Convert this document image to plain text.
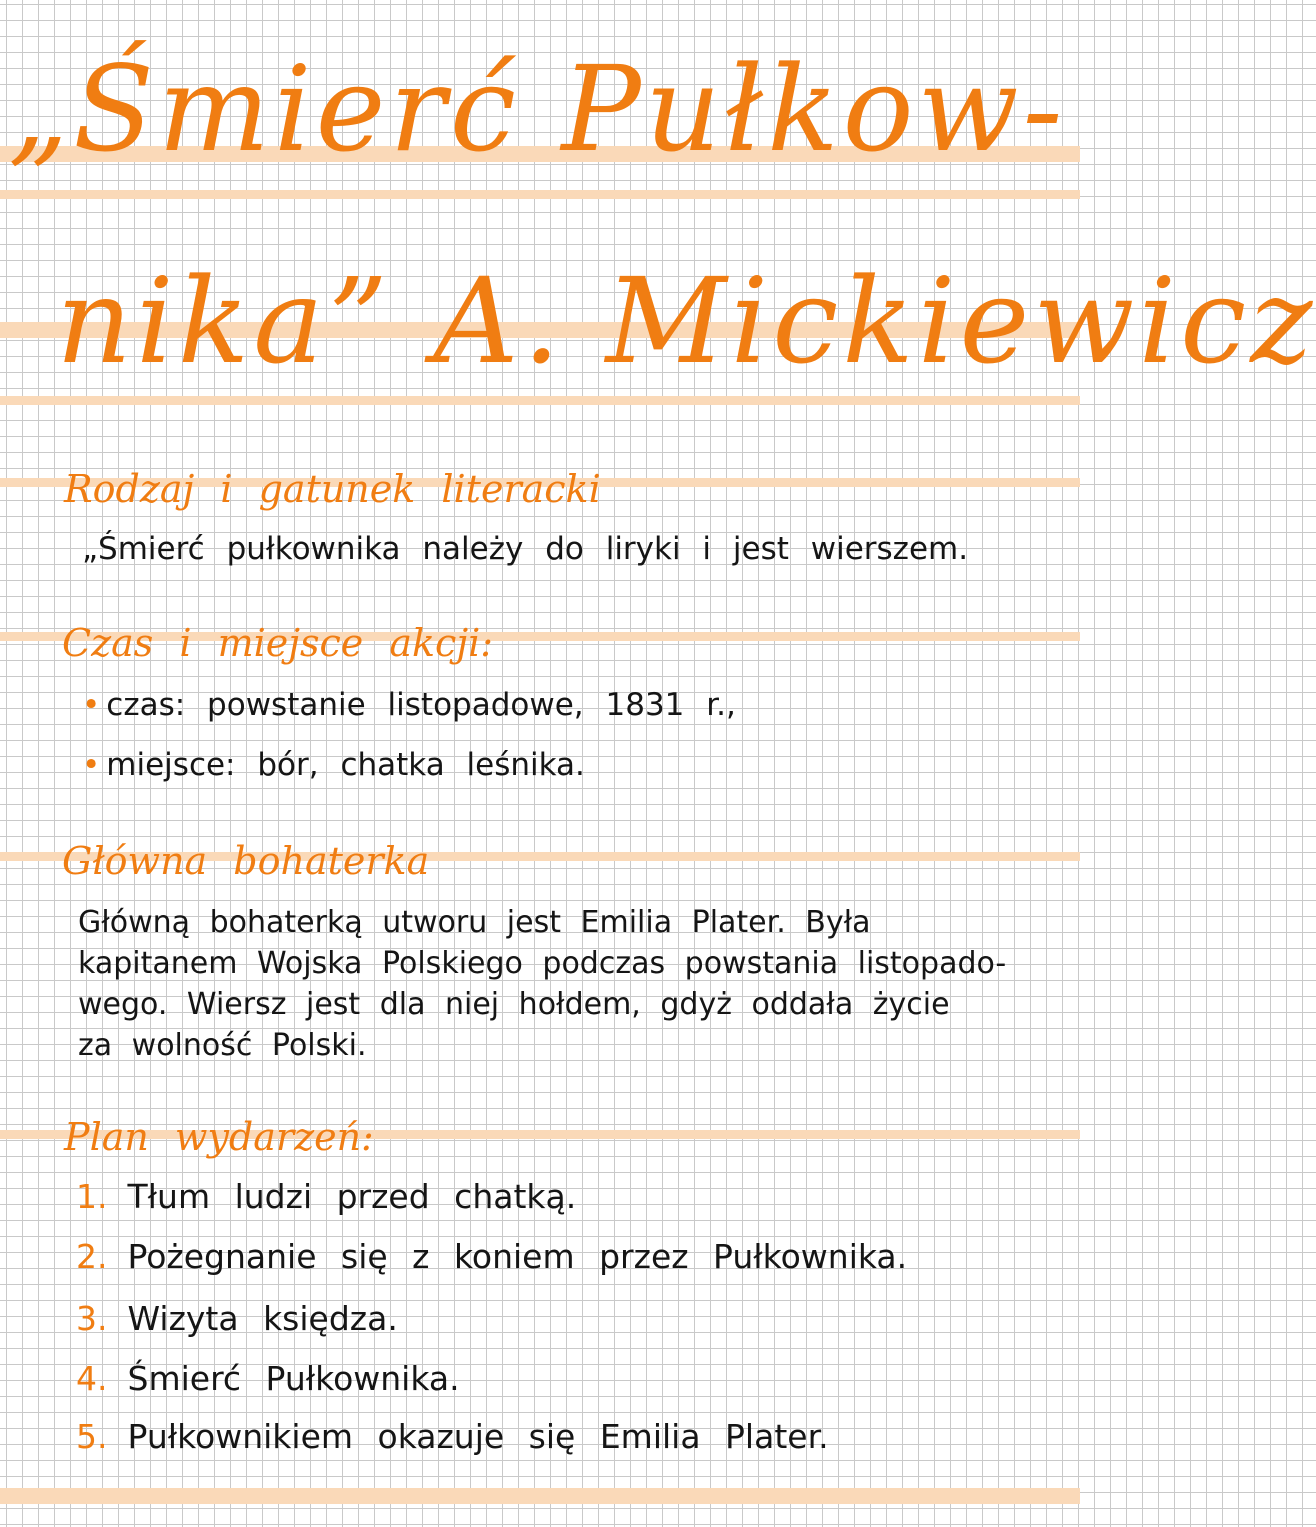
„Śmierć Pułkow-
nika” A. Mickiewicz
Rodzaj i gatunek literacki
„Śmierć pułkownika należy do liryki i jest wierszem.
Czas i miejsce akcji:
• czas: powstanie listopadowe, 1831 r.,
• miejsce: bór, chatka leśnika.
Główna bohaterka
Główną bohaterką utworu jest Emilia Plater. Była
kapitanem Wojska Polskiego podczas powstania listopado-
wego. Wiersz jest dla niej hołdem, gdyż oddała życie
za wolność Polski.
Plan wydarzeń:
1. Tłum ludzi przed chatką.
2. Pożegnanie się z koniem przez Pułkownika.
3. Wizyta księdza.
4. Śmierć Pułkownika.
5. Pułkownikiem okazuje się Emilia Plater.
